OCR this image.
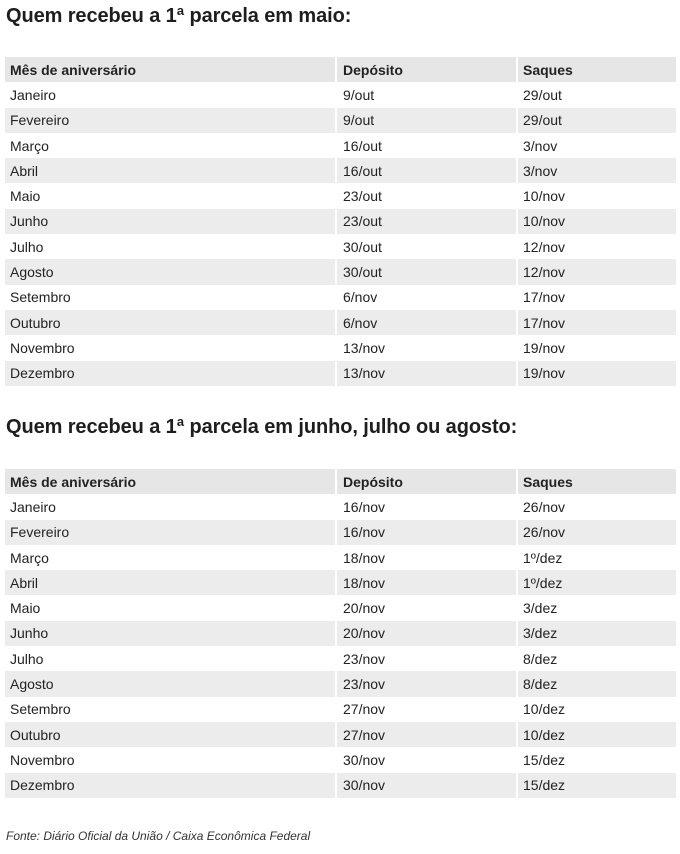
Quem recebeu a 1ª parcela em maio:
Mês de aniversário	Depósito	Saques
Janeiro	9/out	29/out
Fevereiro	9/out	29/out
Março	16/out	3/nov
Abril	16/out	3/nov
Maio	23/out	10/nov
Junho	23/out	10/nov
Julho	30/out	12/nov
Agosto	30/out	12/nov
Setembro	6/nov	17/nov
Outubro	6/nov	17/nov
Novembro	13/nov	19/nov
Dezembro	13/nov	19/nov
Quem recebeu a 1ª parcela em junho, julho ou agosto:
Mês de aniversário	Depósito	Saques
Janeiro	16/nov	26/nov
Fevereiro	16/nov	26/nov
Março	18/nov	1º/dez
Abril	18/nov	1º/dez
Maio	20/nov	3/dez
Junho	20/nov	3/dez
Julho	23/nov	8/dez
Agosto	23/nov	8/dez
Setembro	27/nov	10/dez
Outubro	27/nov	10/dez
Novembro	30/nov	15/dez
Dezembro	30/nov	15/dez
Fonte: Diário Oficial da União / Caixa Econômica Federal
